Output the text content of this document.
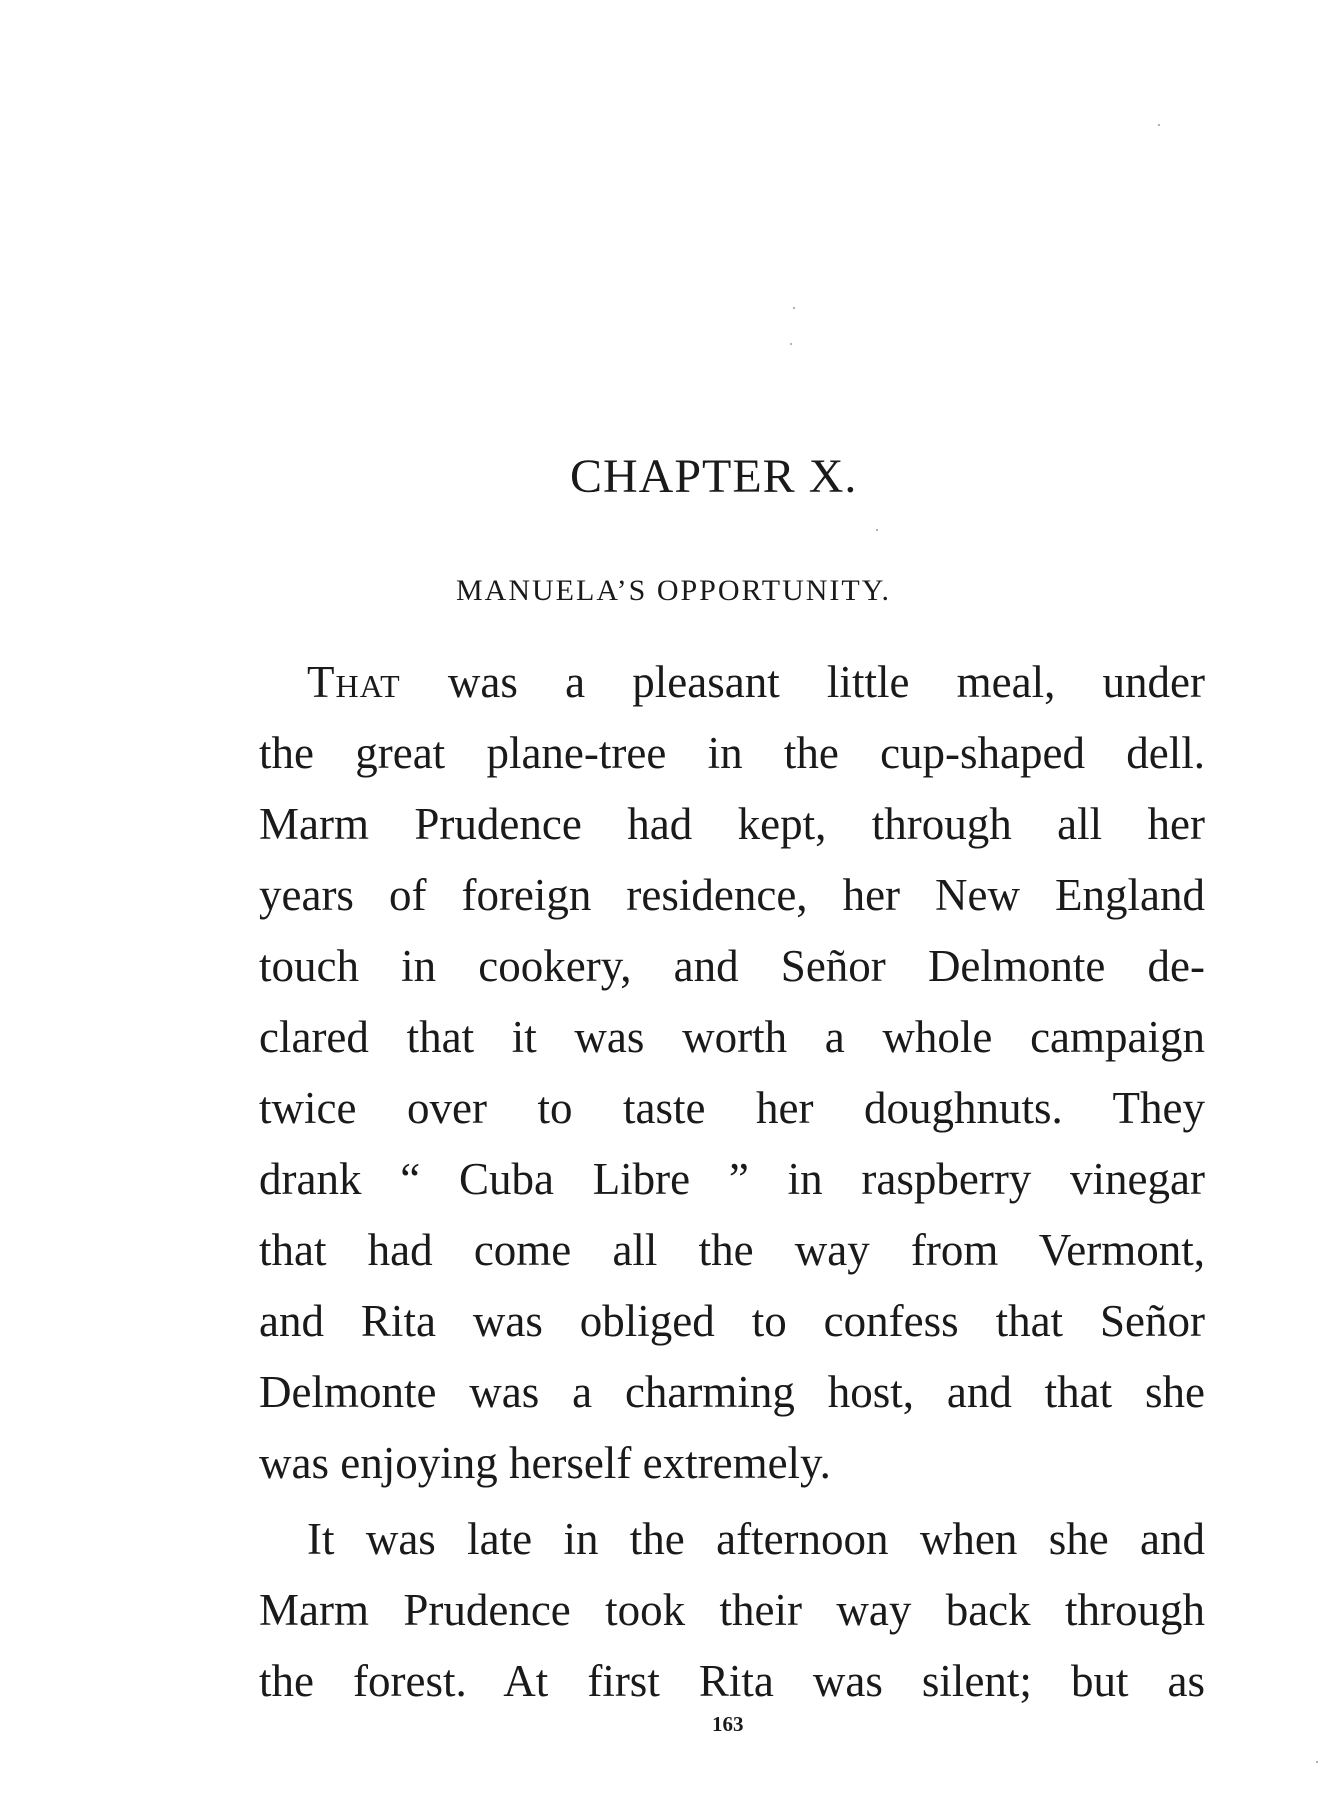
CHAPTER X.
MANUELA’S OPPORTUNITY.
That was a pleasant little meal, under
the great plane-tree in the cup-shaped dell.
Marm Prudence had kept, through all her
years of foreign residence, her New England
touch in cookery, and Señor Delmonte de-
clared that it was worth a whole campaign
twice over to taste her doughnuts. They
drank “ Cuba Libre ” in raspberry vinegar
that had come all the way from Vermont,
and Rita was obliged to confess that Señor
Delmonte was a charming host, and that she
was enjoying herself extremely.
It was late in the afternoon when she and
Marm Prudence took their way back through
the forest. At first Rita was silent; but as
163
